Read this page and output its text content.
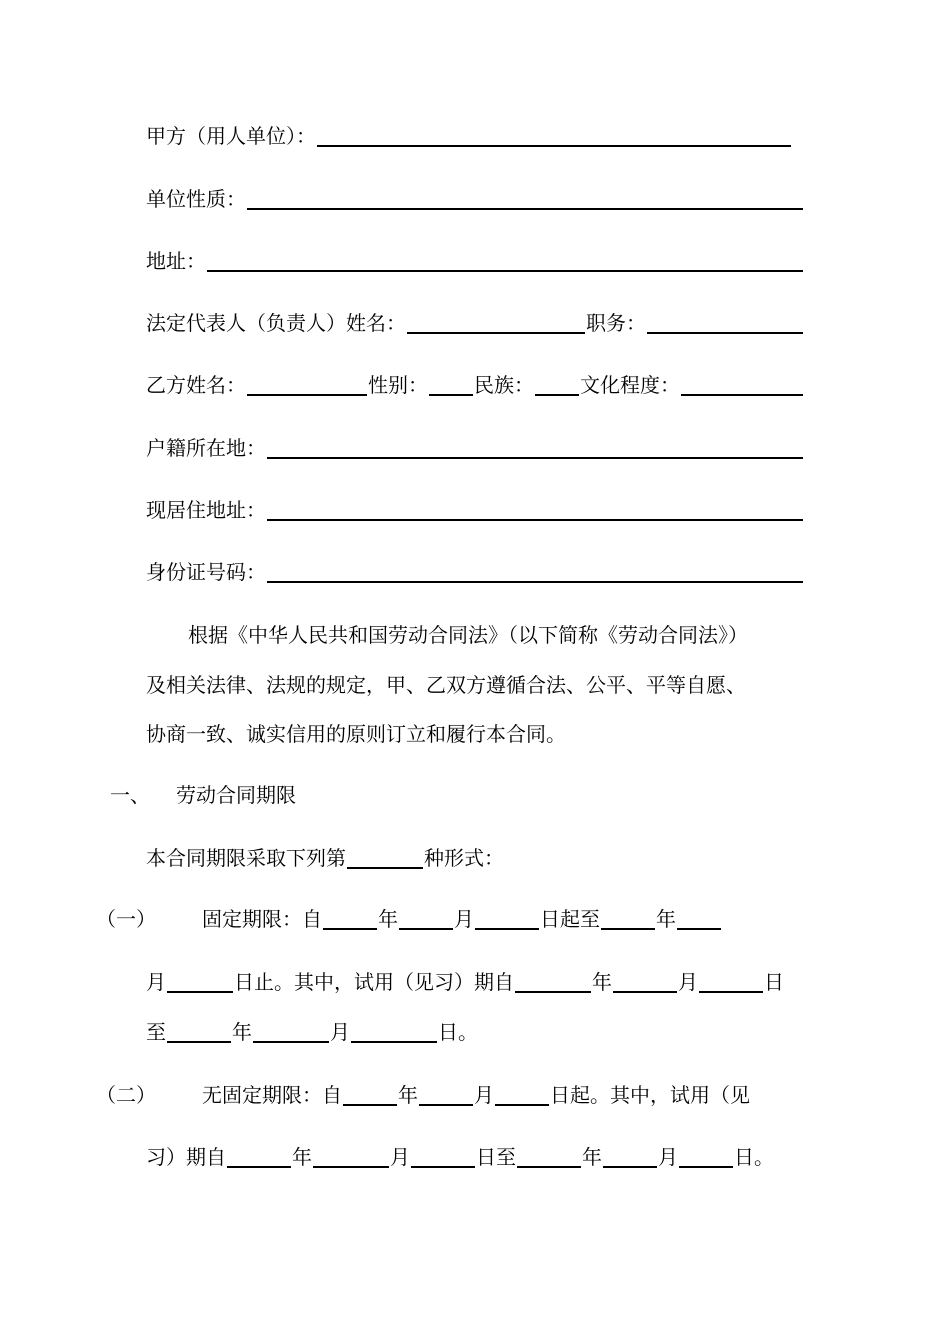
甲方（用人单位）：
单位性质：
地址：
法定代表人（负责人）姓名：	职务：
乙方姓名：	性别： 民族： 文化程度：
户籍所在地：
现居住地址：
身份证号码：
根据《中华人民共和国劳动合同法》（以下简称《劳动合同法》）
及相关法律、法规的规定，甲、乙双方遵循合法、公平、平等自愿、
协商一致、诚实信用的原则订立和履行本合同。
一、 劳动合同期限
本合同期限采取下列第	种形式：
（一）	固定期限：自	年	月	日起至	年
月	日止。其中，试用（见习）期自	年	月	日
至	年	月	日。
（二）	无固定期限：自	年	月	日起。其中，试用（见
习）期自	年	月	日至	年	月	日。
